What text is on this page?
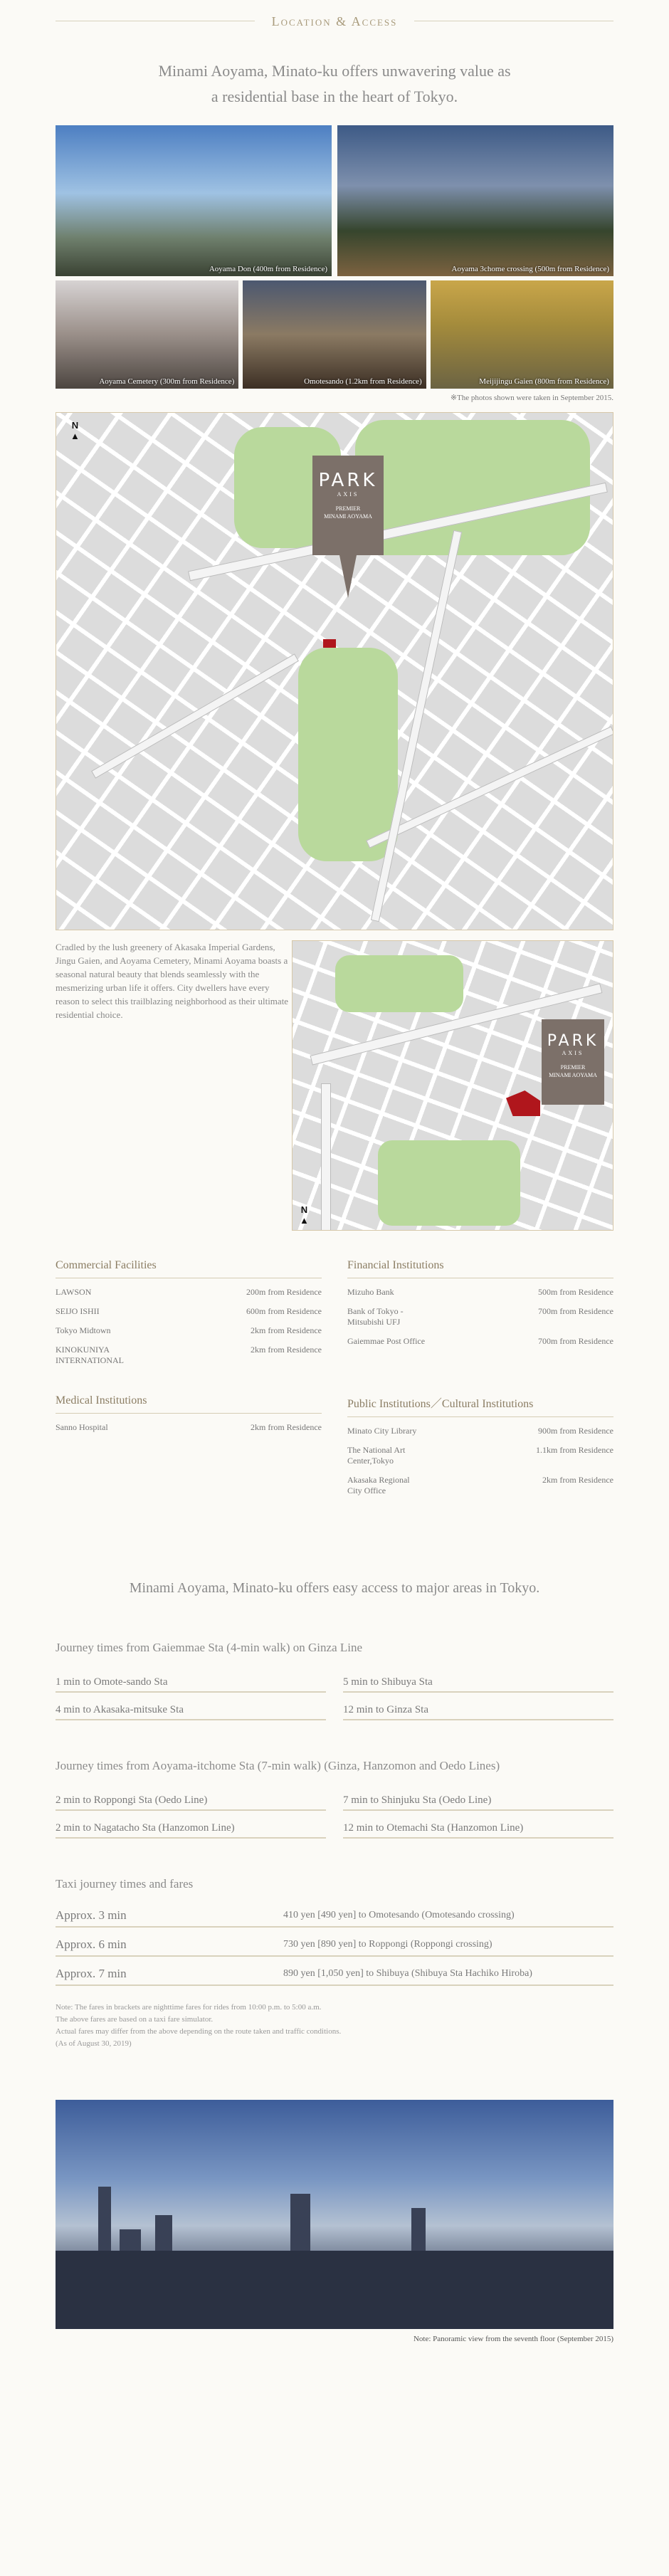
Location & Access
Minami Aoyama, Minato-ku offers unwavering value as
a residential base in the heart of Tokyo.
Aoyama Don (400m from Residence)	Aoyama 3chome crossing (500m from Residence)
Aoyama Cemetery (300m from Residence)	Omotesando (1.2km from Residence)	Meijijingu Gaien (800m from Residence)
※The photos shown were taken in September 2015.
PARK
AXIS
PREMIER
MINAMI AOYAMA
N
▲
Cradled by the lush greenery of Akasaka Imperial Gardens, Jingu Gaien, and Aoyama Cemetery, Minami Aoyama boasts a seasonal natural beauty that blends seamlessly with the mesmerizing urban life it offers. City dwellers have every reason to select this trailblazing neighborhood as their ultimate residential choice.
PARK
AXIS
PREMIER
MINAMI AOYAMA
N
▲
Commercial Facilities
LAWSON	200m from Residence
SEIJO ISHII	600m from Residence
Tokyo Midtown	2km from Residence
KINOKUNIYA INTERNATIONAL
2km from Residence
Financial Institutions
Mizuho Bank	500m from Residence
Bank of Tokyo -Mitsubishi UFJ
700m from Residence
Gaiemmae Post Office	700m from Residence
Medical Institutions
Sanno Hospital	2km from Residence
Public Institutions／Cultural Institutions
Minato City Library	900m from Residence
The National Art Center,Tokyo
1.1km from Residence
Akasaka Regional City Office
2km from Residence
Minami Aoyama, Minato-ku offers easy access to major areas in Tokyo.
Journey times from Gaiemmae Sta (4-min walk) on Ginza Line
1 min to Omote-sando Sta	5 min to Shibuya Sta
4 min to Akasaka-mitsuke Sta	12 min to Ginza Sta
Journey times from Aoyama-itchome Sta (7-min walk) (Ginza, Hanzomon and Oedo Lines)
2 min to Roppongi Sta (Oedo Line)	7 min to Shinjuku Sta (Oedo Line)
2 min to Nagatacho Sta (Hanzomon Line)	12 min to Otemachi Sta (Hanzomon Line)
Taxi journey times and fares
Approx. 3 min	410 yen [490 yen] to Omotesando (Omotesando crossing)
Approx. 6 min	730 yen [890 yen] to Roppongi (Roppongi crossing)
Approx. 7 min	890 yen [1,050 yen] to Shibuya (Shibuya Sta Hachiko Hiroba)
Note: The fares in brackets are nighttime fares for rides from 10:00 p.m. to 5:00 a.m.
The above fares are based on a taxi fare simulator.
Actual fares may differ from the above depending on the route taken and traffic conditions.
(As of August 30, 2019)
Note: Panoramic view from the seventh floor (September 2015)
